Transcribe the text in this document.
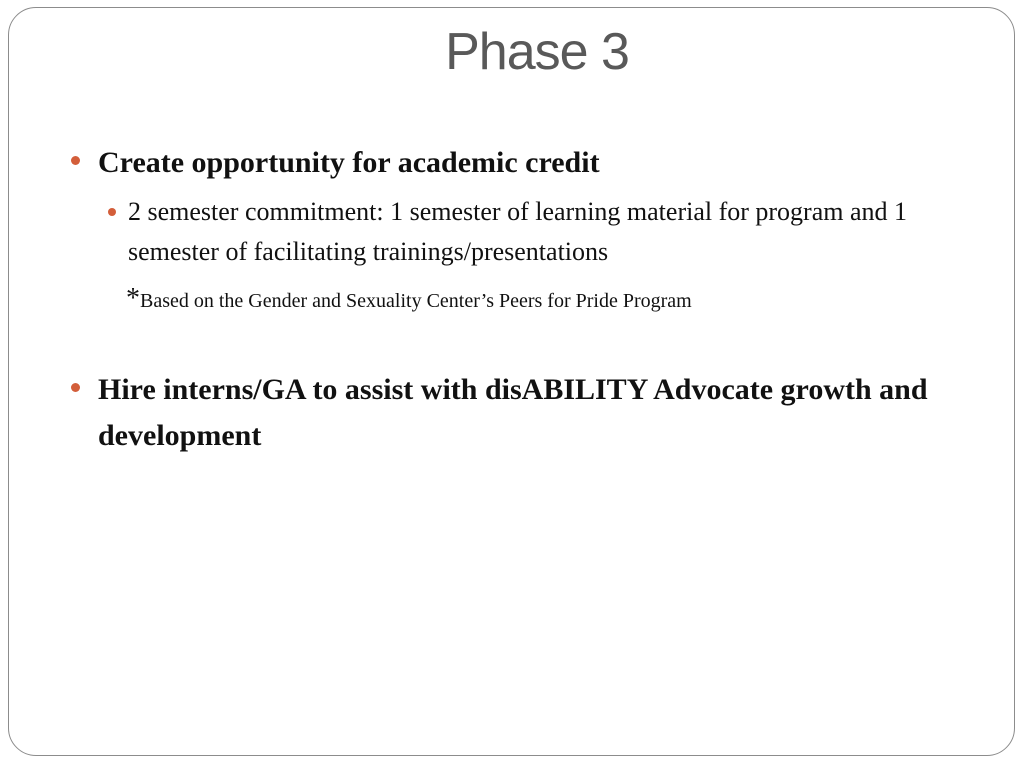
Phase 3
Create opportunity for academic credit
2 semester commitment: 1 semester of learning material for program and 1 semester of facilitating trainings/presentations
*Based on the Gender and Sexuality Center’s Peers for Pride Program
Hire interns/GA to assist with disABILITY Advocate growth and development
